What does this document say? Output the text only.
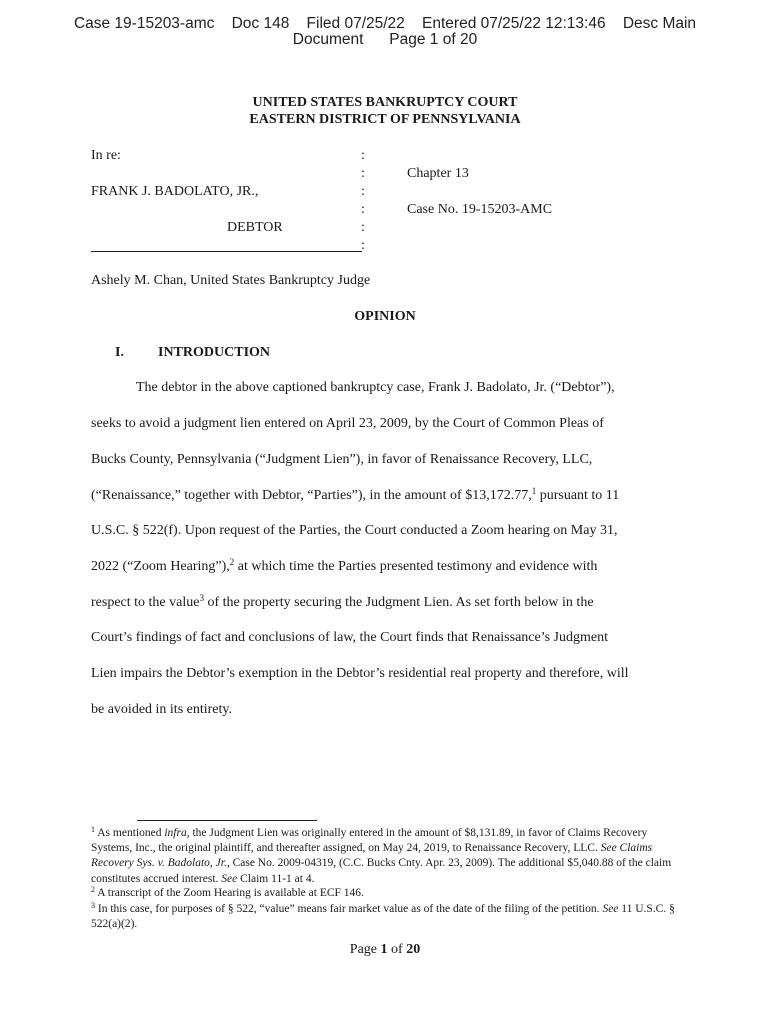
Case 19-15203-amc    Doc 148    Filed 07/25/22    Entered 07/25/22 12:13:46    Desc Main
Document      Page 1 of 20
UNITED STATES BANKRUPTCY COURT
EASTERN DISTRICT OF PENNSYLVANIA
In re:
FRANK J. BADOLATO, JR.,
DEBTOR
:
:
:
:
:
:
Chapter 13
Case No. 19-15203-AMC
Ashely M. Chan, United States Bankruptcy Judge
OPINION
I. INTRODUCTION
The debtor in the above captioned bankruptcy case, Frank J. Badolato, Jr. (“Debtor”),
seeks to avoid a judgment lien entered on April 23, 2009, by the Court of Common Pleas of
Bucks County, Pennsylvania (“Judgment Lien”), in favor of Renaissance Recovery, LLC,
(“Renaissance,” together with Debtor, “Parties”), in the amount of $13,172.77,$^1$ pursuant to 11
U.S.C. § 522(f). Upon request of the Parties, the Court conducted a Zoom hearing on May 31,
2022 (“Zoom Hearing”),$^2$ at which time the Parties presented testimony and evidence with
respect to the value$^3$ of the property securing the Judgment Lien. As set forth below in the
Court’s findings of fact and conclusions of law, the Court finds that Renaissance’s Judgment
Lien impairs the Debtor’s exemption in the Debtor’s residential real property and therefore, will
be avoided in its entirety.
$^1$ As mentioned infra, the Judgment Lien was originally entered in the amount of $8,131.89, in favor of Claims Recovery Systems, Inc., the original plaintiff, and thereafter assigned, on May 24, 2019, to Renaissance Recovery, LLC. See Claims Recovery Sys. v. Badolato, Jr., Case No. 2009-04319, (C.C. Bucks Cnty. Apr. 23, 2009). The additional $5,040.88 of the claim constitutes accrued interest. See Claim 11-1 at 4.
$^2$ A transcript of the Zoom Hearing is available at ECF 146.
$^3$ In this case, for purposes of § 522, “value” means fair market value as of the date of the filing of the petition. See 11 U.S.C. § 522(a)(2).
Page 1 of 20
